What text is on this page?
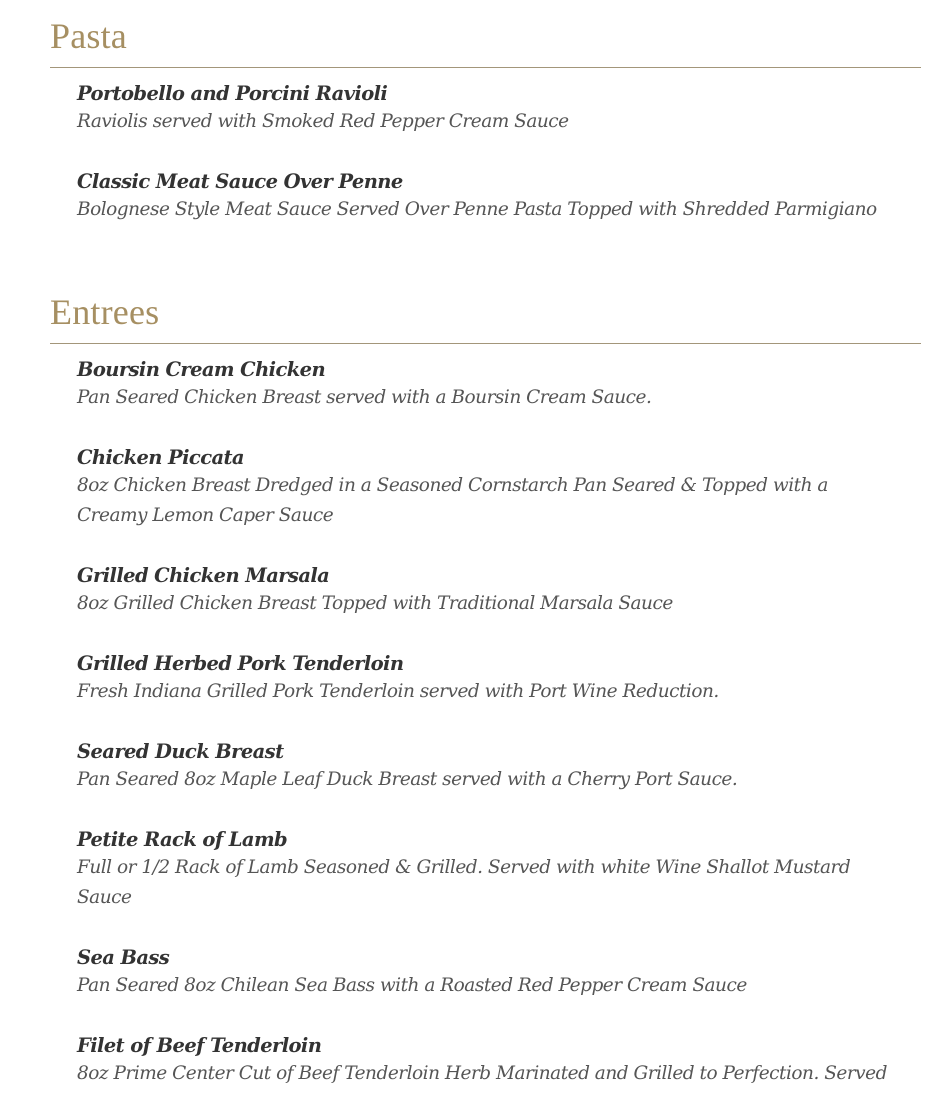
Pasta
Portobello and Porcini Ravioli

Raviolis served with Smoked Red Pepper Cream Sauce

Classic Meat Sauce Over Penne

Bolognese Style Meat Sauce Served Over Penne Pasta Topped with Shredded Parmigiano

Entrees
Boursin Cream Chicken

Pan Seared Chicken Breast served with a Boursin Cream Sauce.

Chicken Piccata

8oz Chicken Breast Dredged in a Seasoned Cornstarch Pan Seared & Topped with a Creamy Lemon Caper Sauce

Grilled Chicken Marsala

8oz Grilled Chicken Breast Topped with Traditional Marsala Sauce

Grilled Herbed Pork Tenderloin

Fresh Indiana Grilled Pork Tenderloin served with Port Wine Reduction.

Seared Duck Breast

Pan Seared 8oz Maple Leaf Duck Breast served with a Cherry Port Sauce.

Petite Rack of Lamb

Full or 1/2 Rack of Lamb Seasoned & Grilled. Served with white Wine Shallot Mustard Sauce

Sea Bass

Pan Seared 8oz Chilean Sea Bass with a Roasted Red Pepper Cream Sauce

Filet of Beef Tenderloin

8oz Prime Center Cut of Beef Tenderloin Herb Marinated and Grilled to Perfection. Served
